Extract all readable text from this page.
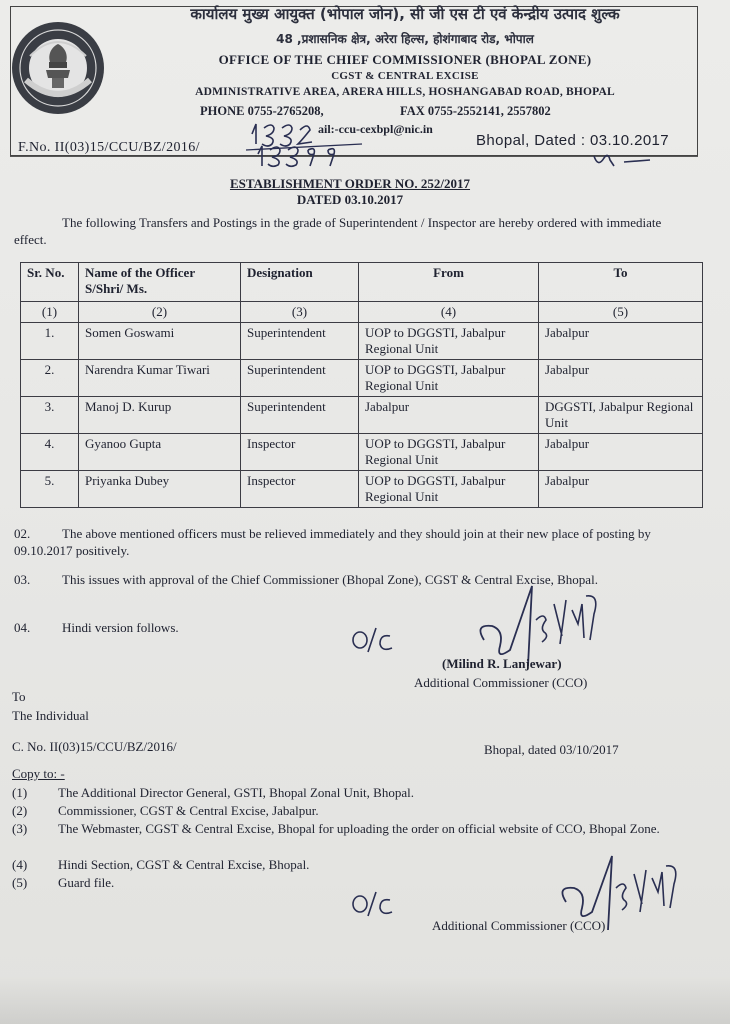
कार्यालय मुख्य आयुक्त (भोपाल जोन), सी जी एस टी एवं केन्द्रीय उत्पाद शुल्क
48 ,प्रशासनिक क्षेत्र, अरेरा हिल्स, होशंगाबाद रोड, भोपाल
OFFICE OF THE CHIEF COMMISSIONER (BHOPAL ZONE)
CGST & CENTRAL EXCISE
ADMINISTRATIVE AREA, ARERA HILLS, HOSHANGABAD ROAD, BHOPAL
PHONE 0755-2765208,	FAX 0755-2552141, 2557802
ail:-ccu-cexbpl@nic.in
F.No. II(03)15/CCU/BZ/2016/	Bhopal, Dated : 03.10.2017
ESTABLISHMENT ORDER NO. 252/2017
DATED 03.10.2017
The following Transfers and Postings in the grade of Superintendent / Inspector are hereby ordered with immediate effect.
Sr. No.	Name of the Officer S/Shri/ Ms.	Designation	From	To
(1)	(2)	(3)	(4)	(5)
1.	Somen Goswami	Superintendent	UOP to DGGSTI, Jabalpur Regional Unit	Jabalpur
2.	Narendra Kumar Tiwari	Superintendent	UOP to DGGSTI, Jabalpur Regional Unit	Jabalpur
3.	Manoj D. Kurup	Superintendent	Jabalpur	DGGSTI, Jabalpur Regional Unit
4.	Gyanoo Gupta	Inspector	UOP to DGGSTI, Jabalpur Regional Unit	Jabalpur
5.	Priyanka Dubey	Inspector	UOP to DGGSTI, Jabalpur Regional Unit	Jabalpur
02. The above mentioned officers must be relieved immediately and they should join at their new place of posting by 09.10.2017 positively.
03. This issues with approval of the Chief Commissioner (Bhopal Zone), CGST & Central Excise, Bhopal.
04. Hindi version follows.
(Milind R. Lanjewar)
Additional Commissioner (CCO)
To
The Individual
C. No. II(03)15/CCU/BZ/2016/	Bhopal, dated 03/10/2017
Copy to: -
(1) The Additional Director General, GSTI, Bhopal Zonal Unit, Bhopal.
(2) Commissioner, CGST & Central Excise, Jabalpur.
(3) The Webmaster, CGST & Central Excise, Bhopal for uploading the order on official website of CCO, Bhopal Zone.
(4) Hindi Section, CGST & Central Excise, Bhopal.
(5) Guard file.
Additional Commissioner (CCO)
